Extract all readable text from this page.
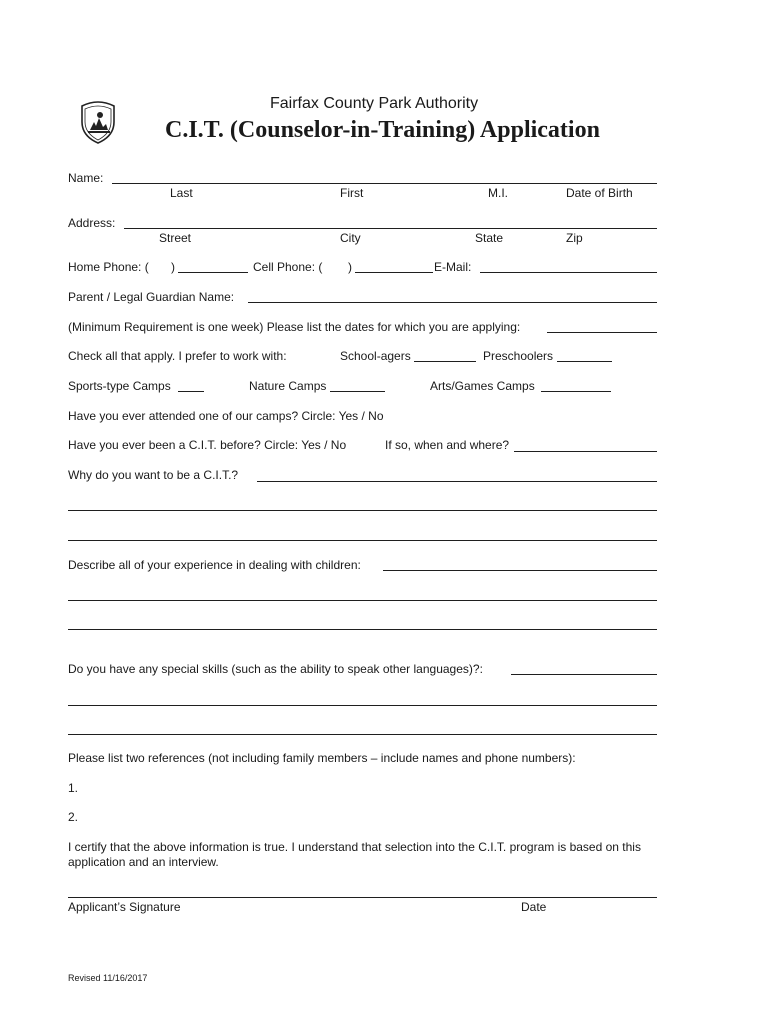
Fairfax County Park Authority
C.I.T. (Counselor-in-Training) Application
Name:
Last	First	M.I.	Date of Birth
Address:
Street	City	State	Zip
Home Phone: ( )	Cell Phone: ( )	E-Mail:
Parent / Legal Guardian Name:
(Minimum Requirement is one week) Please list the dates for which you are applying:
Check all that apply. I prefer to work with:	School-agers	Preschoolers
Sports-type Camps	Nature Camps	Arts/Games Camps
Have you ever attended one of our camps? Circle: Yes / No
Have you ever been a C.I.T. before? Circle: Yes / No	If so, when and where?
Why do you want to be a C.I.T.?
Describe all of your experience in dealing with children:
Do you have any special skills (such as the ability to speak other languages)?:
Please list two references (not including family members – include names and phone numbers):
1.
2.
I certify that the above information is true. I understand that selection into the C.I.T. program is based on this
application and an interview.
Applicant’s Signature	Date
Revised 11/16/2017
